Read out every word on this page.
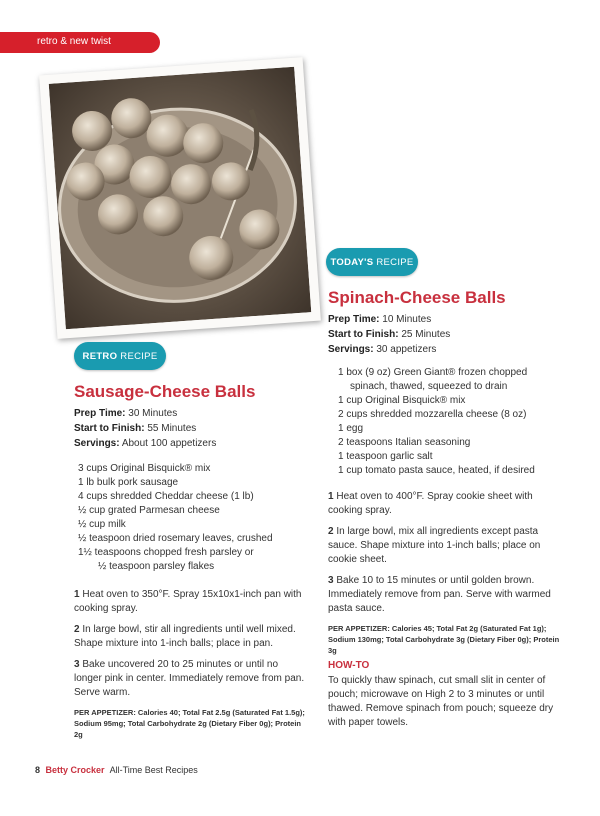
retro & new twist
TODAY'S RECIPE
Spinach-Cheese Balls
Prep Time: 10 Minutes
Start to Finish: 25 Minutes
Servings: 30 appetizers
1 box (9 oz) Green Giant® frozen chopped spinach, thawed, squeezed to drain
1 cup Original Bisquick® mix
2 cups shredded mozzarella cheese (8 oz)
1 egg
2 teaspoons Italian seasoning
1 teaspoon garlic salt
1 cup tomato pasta sauce, heated, if desired

1 Heat oven to 400°F. Spray cookie sheet with cooking spray.

2 In large bowl, mix all ingredients except pasta sauce. Shape mixture into 1-inch balls; place on cookie sheet.

3 Bake 10 to 15 minutes or until golden brown. Immediately remove from pan. Serve with warmed pasta sauce.

PER APPETIZER: Calories 45; Total Fat 2g (Saturated Fat 1g); Sodium 130mg; Total Carbohydrate 3g (Dietary Fiber 0g); Protein 3g

HOW-TO
To quickly thaw spinach, cut small slit in center of pouch; microwave on High 2 to 3 minutes or until thawed. Remove spinach from pouch; squeeze dry with paper towels.
RETRO RECIPE
Sausage-Cheese Balls
Prep Time: 30 Minutes
Start to Finish: 55 Minutes
Servings: About 100 appetizers
3 cups Original Bisquick® mix
1 lb bulk pork sausage
4 cups shredded Cheddar cheese (1 lb)
½ cup grated Parmesan cheese
½ cup milk
½ teaspoon dried rosemary leaves, crushed
1½ teaspoons chopped fresh parsley or
½ teaspoon parsley flakes

1 Heat oven to 350°F. Spray 15x10x1-inch pan with cooking spray.

2 In large bowl, stir all ingredients until well mixed. Shape mixture into 1-inch balls; place in pan.

3 Bake uncovered 20 to 25 minutes or until no longer pink in center. Immediately remove from pan. Serve warm.

PER APPETIZER: Calories 40; Total Fat 2.5g (Saturated Fat 1.5g); Sodium 95mg; Total Carbohydrate 2g (Dietary Fiber 0g); Protein 2g

8 Betty Crocker All-Time Best Recipes
